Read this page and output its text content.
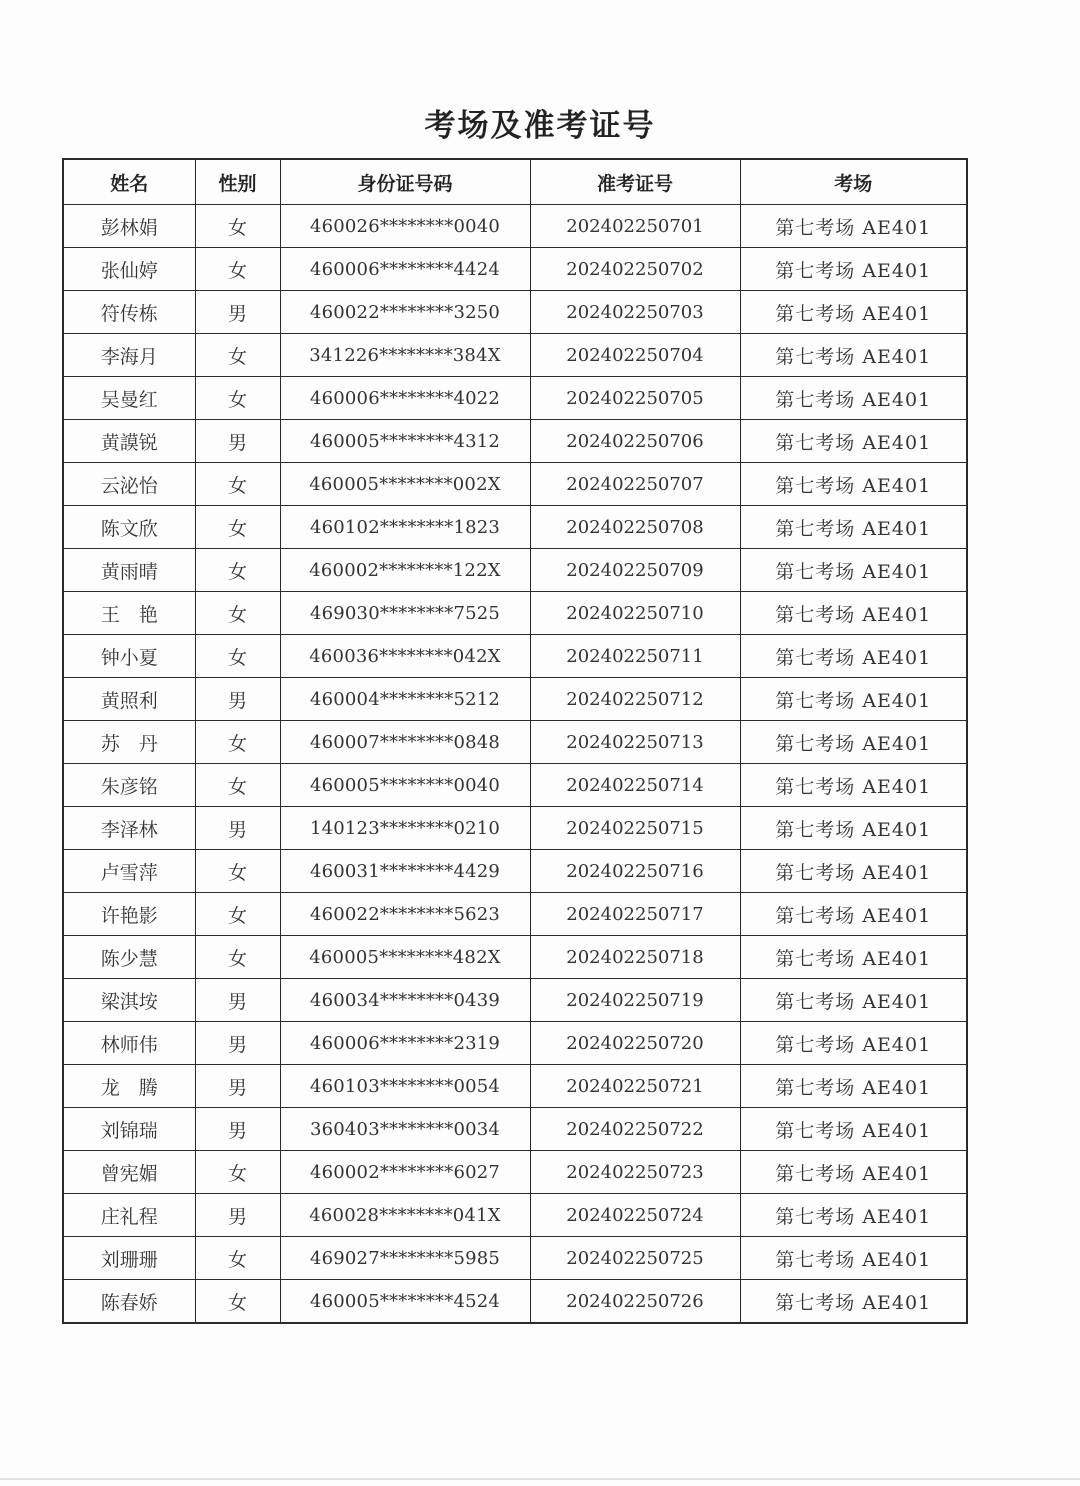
考场及准考证号
姓名	性别	身份证号码	准考证号	考场
彭林娟	女	460026********0040	202402250701	第七考场 AE401
张仙婷	女	460006********4424	202402250702	第七考场 AE401
符传栋	男	460022********3250	202402250703	第七考场 AE401
李海月	女	341226********384X	202402250704	第七考场 AE401
吴曼红	女	460006********4022	202402250705	第七考场 AE401
黄謨锐	男	460005********4312	202402250706	第七考场 AE401
云泌怡	女	460005********002X	202402250707	第七考场 AE401
陈文欣	女	460102********1823	202402250708	第七考场 AE401
黄雨晴	女	460002********122X	202402250709	第七考场 AE401
王　艳	女	469030********7525	202402250710	第七考场 AE401
钟小夏	女	460036********042X	202402250711	第七考场 AE401
黄照利	男	460004********5212	202402250712	第七考场 AE401
苏　丹	女	460007********0848	202402250713	第七考场 AE401
朱彦铭	女	460005********0040	202402250714	第七考场 AE401
李泽林	男	140123********0210	202402250715	第七考场 AE401
卢雪萍	女	460031********4429	202402250716	第七考场 AE401
许艳影	女	460022********5623	202402250717	第七考场 AE401
陈少慧	女	460005********482X	202402250718	第七考场 AE401
梁淇垵	男	460034********0439	202402250719	第七考场 AE401
林师伟	男	460006********2319	202402250720	第七考场 AE401
龙　腾	男	460103********0054	202402250721	第七考场 AE401
刘锦瑞	男	360403********0034	202402250722	第七考场 AE401
曾宪媚	女	460002********6027	202402250723	第七考场 AE401
庄礼程	男	460028********041X	202402250724	第七考场 AE401
刘珊珊	女	469027********5985	202402250725	第七考场 AE401
陈春娇	女	460005********4524	202402250726	第七考场 AE401
